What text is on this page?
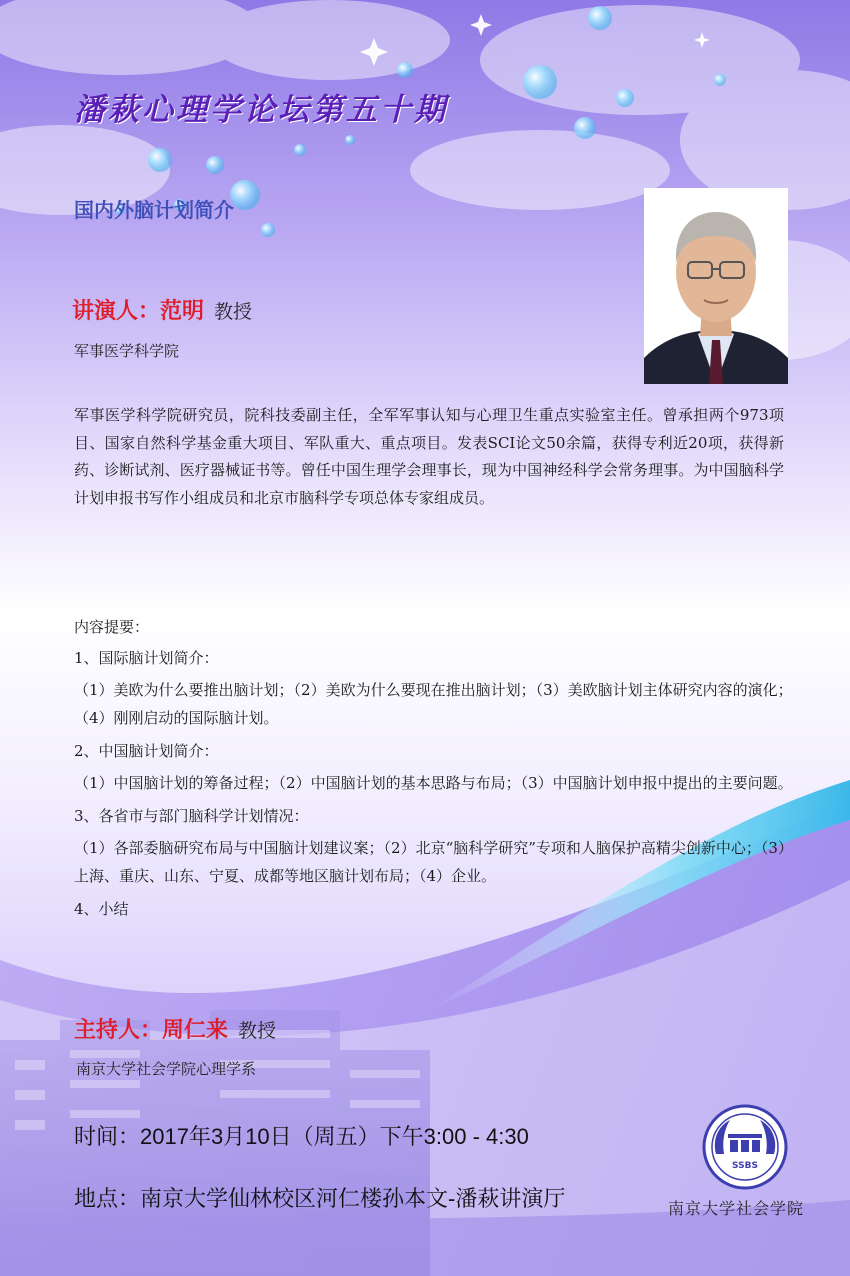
潘萩心理学论坛第五十期
国内外脑计划简介
讲演人：范明 教授
军事医学科学院

军事医学科学院研究员，院科技委副主任，全军军事认知与心理卫生重点实验室主任。曾承担两个973项目、国家自然科学基金重大项目、军队重大、重点项目。发表SCI论文50余篇，获得专利近20项，获得新药、诊断试剂、医疗器械证书等。曾任中国生理学会理事长，现为中国神经科学会常务理事。为中国脑科学计划申报书写作小组成员和北京市脑科学专项总体专家组成员。

内容提要：

1、国际脑计划简介：

（1）美欧为什么要推出脑计划；（2）美欧为什么要现在推出脑计划；（3）美欧脑计划主体研究内容的演化；（4）刚刚启动的国际脑计划。

2、中国脑计划简介：

（1）中国脑计划的筹备过程；（2）中国脑计划的基本思路与布局；（3）中国脑计划申报中提出的主要问题。

3、各省市与部门脑科学计划情况：

（1）各部委脑研究布局与中国脑计划建议案；（2）北京“脑科学研究”专项和人脑保护高精尖创新中心；（3）上海、重庆、山东、宁夏、成都等地区脑计划布局；（4）企业。

4、小结

主持人：周仁来 教授
南京大学社会学院心理学系
时间：2017年3月10日（周五）下午3:00 - 4:30
地点：南京大学仙林校区河仁楼孙本文-潘萩讲演厅
SSBS
南京大学社会学院
